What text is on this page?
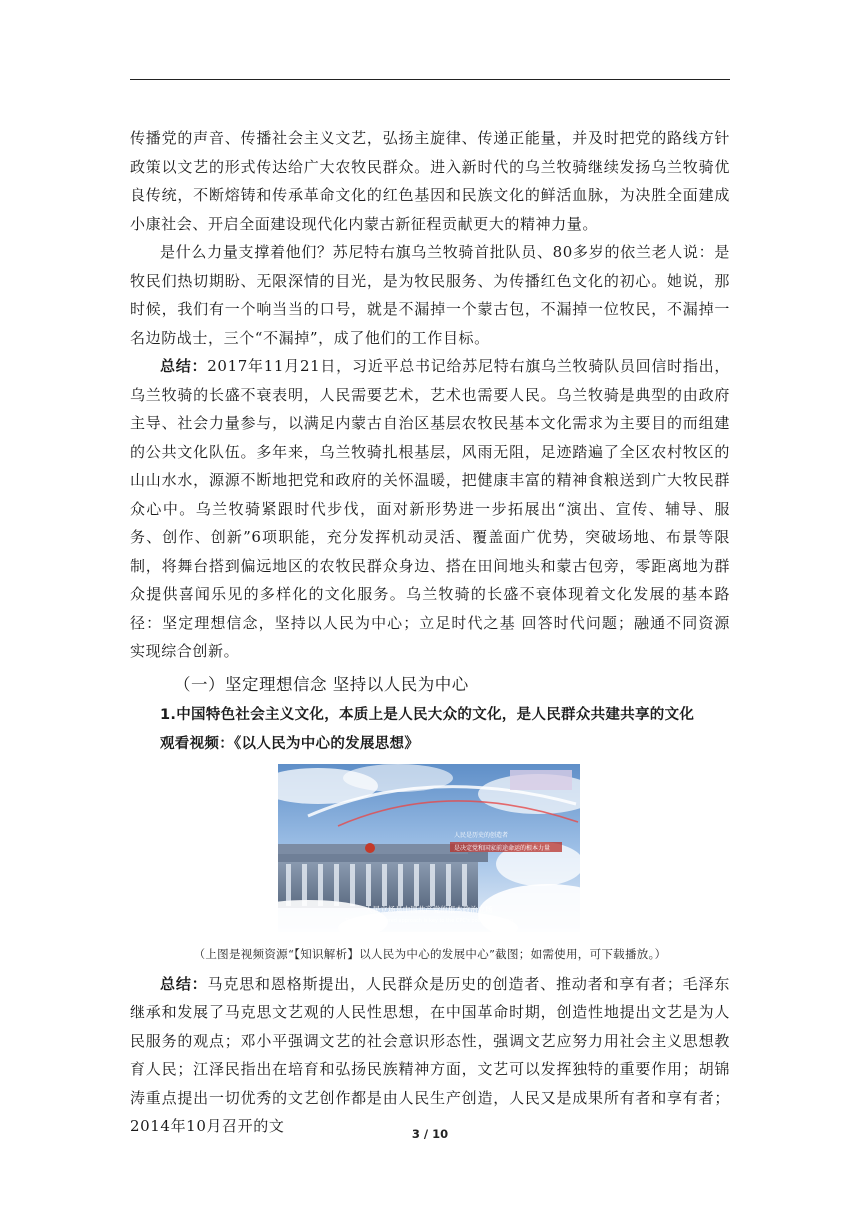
传播党的声音、传播社会主义文艺，弘扬主旋律、传递正能量，并及时把党的路线方针政策以文艺的形式传达给广大农牧民群众。进入新时代的乌兰牧骑继续发扬乌兰牧骑优良传统，不断熔铸和传承革命文化的红色基因和民族文化的鲜活血脉，为决胜全面建成小康社会、开启全面建设现代化内蒙古新征程贡献更大的精神力量。

是什么力量支撑着他们？苏尼特右旗乌兰牧骑首批队员、80多岁的依兰老人说：是牧民们热切期盼、无限深情的目光，是为牧民服务、为传播红色文化的初心。她说，那时候，我们有一个响当当的口号，就是不漏掉一个蒙古包，不漏掉一位牧民，不漏掉一名边防战士，三个“不漏掉”，成了他们的工作目标。

总结：2017年11月21日，习近平总书记给苏尼特右旗乌兰牧骑队员回信时指出，乌兰牧骑的长盛不衰表明，人民需要艺术，艺术也需要人民。乌兰牧骑是典型的由政府主导、社会力量参与，以满足内蒙古自治区基层农牧民基本文化需求为主要目的而组建的公共文化队伍。多年来，乌兰牧骑扎根基层，风雨无阻，足迹踏遍了全区农村牧区的山山水水，源源不断地把党和政府的关怀温暖，把健康丰富的精神食粮送到广大牧民群众心中。乌兰牧骑紧跟时代步伐，面对新形势进一步拓展出“演出、宣传、辅导、服务、创作、创新”6项职能，充分发挥机动灵活、覆盖面广优势，突破场地、布景等限制，将舞台搭到偏远地区的农牧民群众身边、搭在田间地头和蒙古包旁，零距离地为群众提供喜闻乐见的多样化的文化服务。乌兰牧骑的长盛不衰体现着文化发展的基本路径：坚定理想信念，坚持以人民为中心；立足时代之基 回答时代问题；融通不同资源 实现综合创新。

（一）坚定理想信念 坚持以人民为中心
1.中国特色社会主义文化，本质上是人民大众的文化，是人民群众共建共享的文化
观看视频：《以人民为中心的发展思想》
人民是历史的创造者
是决定党和国家前途命运的根本力量
人民立场是中国共产党的根本政治立场
The people-centered approach is key to the CPC's political thinking

（上图是视频资源“【知识解析】以人民为中心的发展中心”截图；如需使用，可下载播放。）

总结：马克思和恩格斯提出，人民群众是历史的创造者、推动者和享有者；毛泽东继承和发展了马克思文艺观的人民性思想，在中国革命时期，创造性地提出文艺是为人民服务的观点；邓小平强调文艺的社会意识形态性，强调文艺应努力用社会主义思想教育人民；江泽民指出在培育和弘扬民族精神方面，文艺可以发挥独特的重要作用；胡锦涛重点提出一切优秀的文艺创作都是由人民生产创造，人民又是成果所有者和享有者；2014年10月召开的文	3 / 10
